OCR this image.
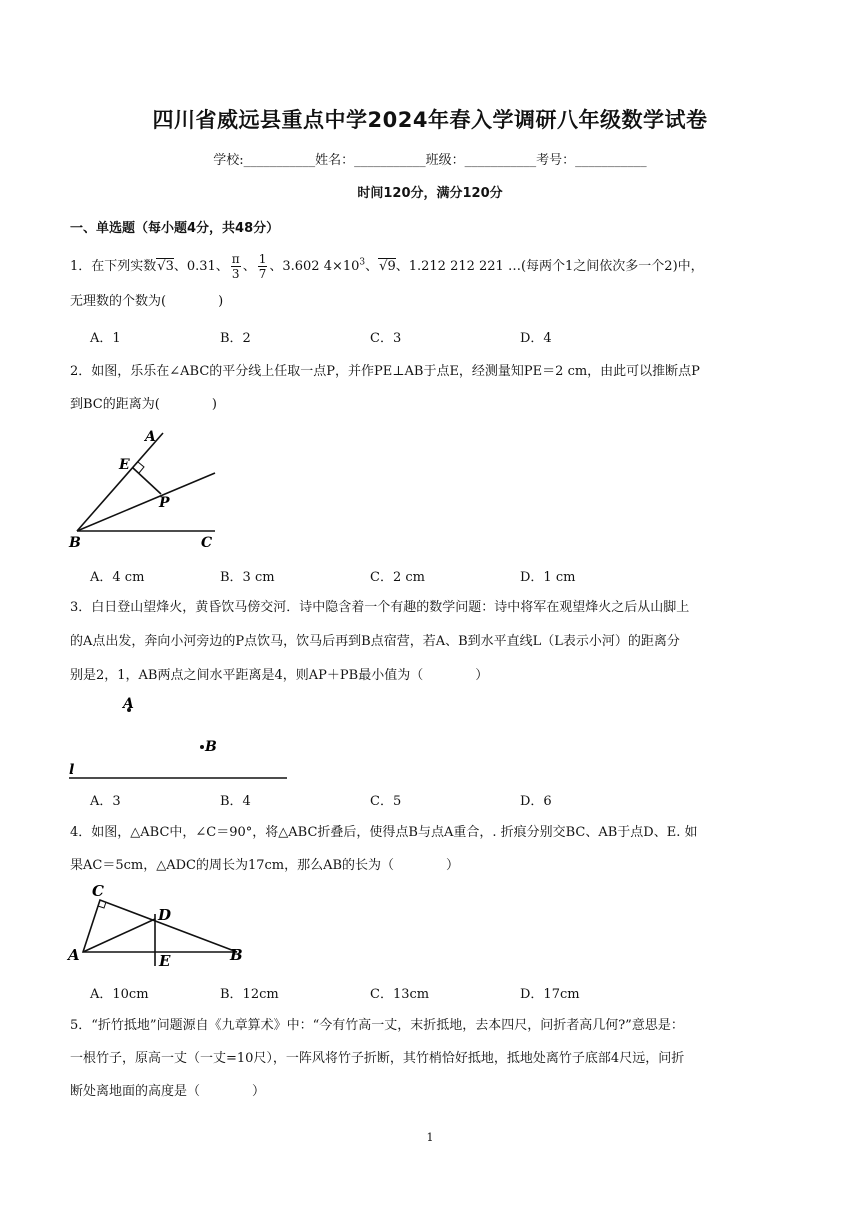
四川省威远县重点中学2024年春入学调研八年级数学试卷
学校:___________姓名：___________班级：___________考号：___________
时间120分，满分120分
一、单选题（每小题4分，共48分）
1．在下列实数√3、0.31、 $\frac{\pi}{3}$ 、 $\frac{1}{7}$ 、3.602 $4\times 10^3$、√9、1.212 212 221 …(每两个1之间依次多一个2)中，
无理数的个数为(　　　　)
A．1	B．2	C．3	D．4
2．如图，乐乐在∠ABC的平分线上任取一点P，并作PE⊥AB于点E，经测量知PE＝2 cm，由此可以推断点P
到BC的距离为(　　　　)
A
E
P
B	C
A．4 cm	B．3 cm	C．2 cm	D．1 cm
3．白日登山望烽火，黄昏饮马傍交河．诗中隐含着一个有趣的数学问题：诗中将军在观望烽火之后从山脚上
的A点出发，奔向小河旁边的P点饮马，饮马后再到B点宿营，若A、B到水平直线L（L表示小河）的距离分
别是2，1，AB两点之间水平距离是4，则AP＋PB最小值为（　　　　）
A
B
l
A．3	B．4	C．5	D．6
4．如图，△ABC中，∠C＝90°，将△ABC折叠后，使得点B与点A重合，. 折痕分别交BC、AB于点D、E. 如
果AC＝5cm，△ADC的周长为17cm，那么AB的长为（　　　　）
C
D
A	E	B
A．10cm	B．12cm	C．13cm	D．17cm
5．“折竹抵地”问题源自《九章算术》中：“今有竹高一丈，末折抵地，去本四尺，问折者高几何?”意思是：
一根竹子，原高一丈（一丈=10尺），一阵风将竹子折断，其竹梢恰好抵地，抵地处离竹子底部4尺远，问折
断处离地面的高度是（　　　　）
1
